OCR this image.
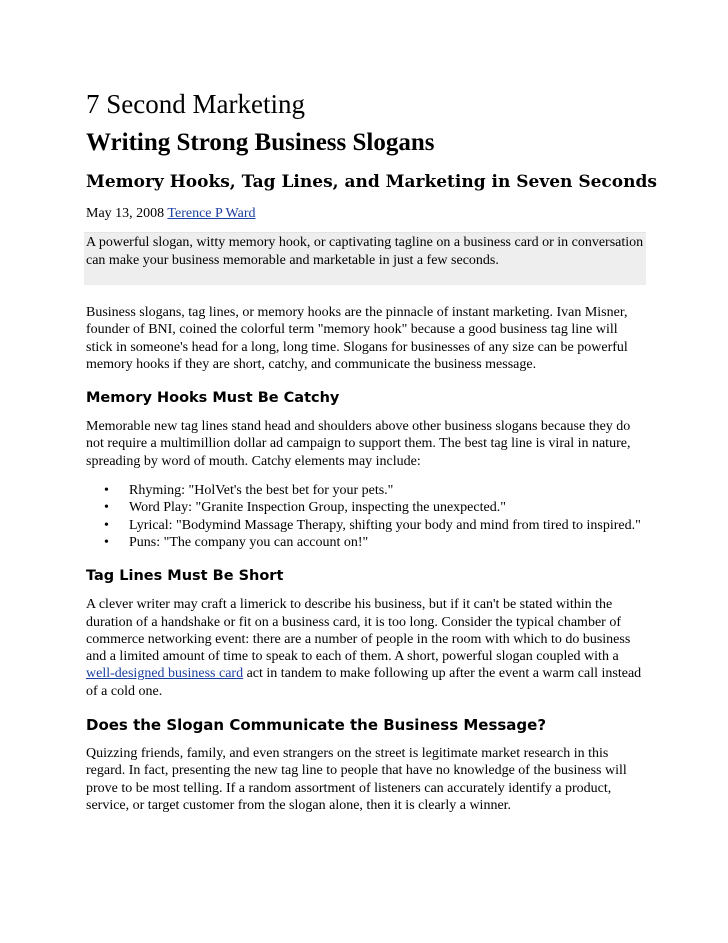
7 Second Marketing
Writing Strong Business Slogans
Memory Hooks, Tag Lines, and Marketing in Seven Seconds
May 13, 2008 Terence P Ward
A powerful slogan, witty memory hook, or captivating tagline on a business card or in conversation can make your business memorable and marketable in just a few seconds.

Business slogans, tag lines, or memory hooks are the pinnacle of instant marketing. Ivan Misner, founder of BNI, coined the colorful term "memory hook" because a good business tag line will stick in someone's head for a long, long time. Slogans for businesses of any size can be powerful memory hooks if they are short, catchy, and communicate the business message.

Memory Hooks Must Be Catchy

Memorable new tag lines stand head and shoulders above other business slogans because they do not require a multimillion dollar ad campaign to support them. The best tag line is viral in nature, spreading by word of mouth. Catchy elements may include:

• Rhyming: "HolVet's the best bet for your pets."
• Word Play: "Granite Inspection Group, inspecting the unexpected."
• Lyrical: "Bodymind Massage Therapy, shifting your body and mind from tired to inspired."
• Puns: "The company you can account on!"
Tag Lines Must Be Short

A clever writer may craft a limerick to describe his business, but if it can't be stated within the duration of a handshake or fit on a business card, it is too long. Consider the typical chamber of commerce networking event: there are a number of people in the room with which to do business and a limited amount of time to speak to each of them. A short, powerful slogan coupled with a well-designed business card act in tandem to make following up after the event a warm call instead of a cold one.

Does the Slogan Communicate the Business Message?

Quizzing friends, family, and even strangers on the street is legitimate market research in this regard. In fact, presenting the new tag line to people that have no knowledge of the business will prove to be most telling. If a random assortment of listeners can accurately identify a product, service, or target customer from the slogan alone, then it is clearly a winner.
